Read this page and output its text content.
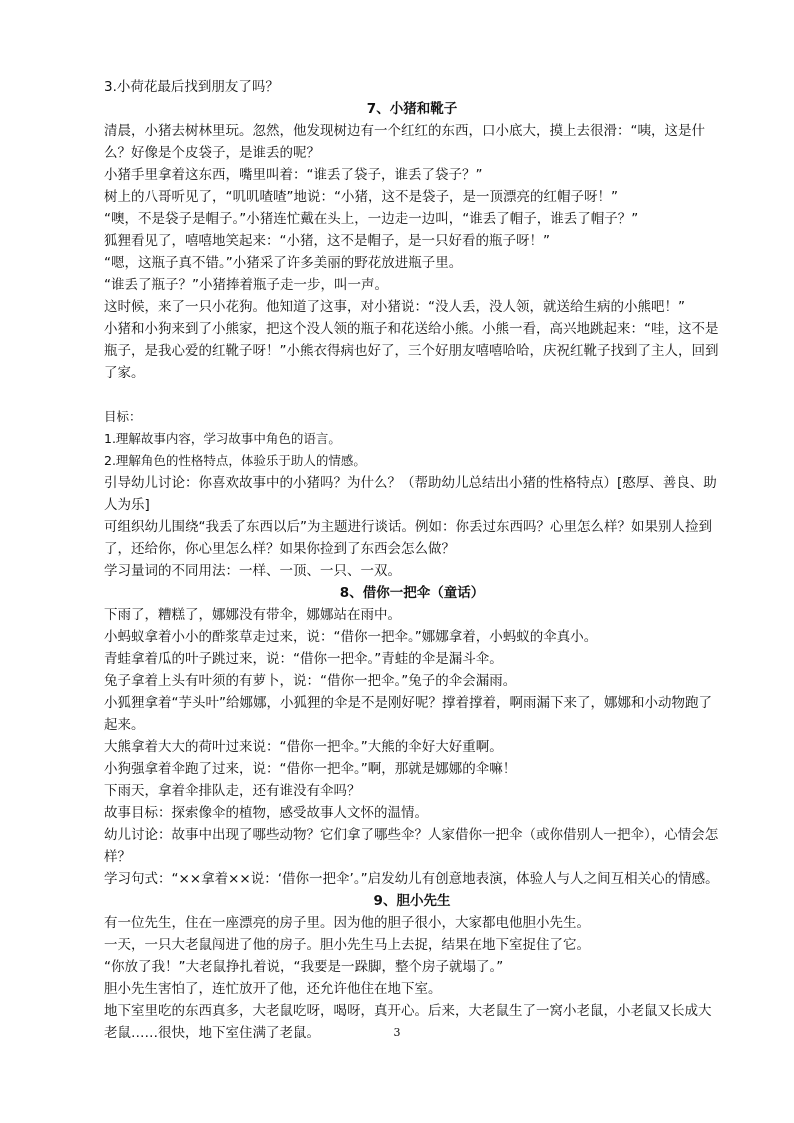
3.小荷花最后找到朋友了吗？

7、小猪和靴子

清晨，小猪去树林里玩。忽然，他发现树边有一个红红的东西，口小底大，摸上去很滑：“咦，这是什么？好像是个皮袋子，是谁丢的呢？

小猪手里拿着这东西，嘴里叫着：“谁丢了袋子，谁丢了袋子？”

树上的八哥听见了，“叽叽喳喳”地说：“小猪，这不是袋子，是一顶漂亮的红帽子呀！”

“噢，不是袋子是帽子。”小猪连忙戴在头上，一边走一边叫，“谁丢了帽子，谁丢了帽子？”

狐狸看见了，嘻嘻地笑起来：“小猪，这不是帽子，是一只好看的瓶子呀！”

“嗯，这瓶子真不错。”小猪采了许多美丽的野花放进瓶子里。

“谁丢了瓶子？”小猪捧着瓶子走一步，叫一声。

这时候，来了一只小花狗。他知道了这事，对小猪说：“没人丢，没人领，就送给生病的小熊吧！”

小猪和小狗来到了小熊家，把这个没人领的瓶子和花送给小熊。小熊一看，高兴地跳起来：“哇，这不是瓶子，是我心爱的红靴子呀！”小熊衣得病也好了，三个好朋友嘻嘻哈哈，庆祝红靴子找到了主人，回到了家。

目标：

1.理解故事内容，学习故事中角色的语言。

2.理解角色的性格特点，体验乐于助人的情感。

引导幼儿讨论：你喜欢故事中的小猪吗？为什么？（帮助幼儿总结出小猪的性格特点）[憨厚、善良、助人为乐]

可组织幼儿围绕“我丢了东西以后”为主题进行谈话。例如：你丢过东西吗？心里怎么样？如果别人捡到了，还给你，你心里怎么样？如果你捡到了东西会怎么做？

学习量词的不同用法：一样、一顶、一只、一双。

8、借你一把伞（童话）

下雨了，糟糕了，娜娜没有带伞，娜娜站在雨中。

小蚂蚁拿着小小的酢浆草走过来，说：“借你一把伞。”娜娜拿着，小蚂蚁的伞真小。

青蛙拿着瓜的叶子跳过来，说：“借你一把伞。”青蛙的伞是漏斗伞。

兔子拿着上头有叶须的有萝卜，说：“借你一把伞。”兔子的伞会漏雨。

小狐狸拿着“芋头叶”给娜娜，小狐狸的伞是不是刚好呢？撑着撑着，啊雨漏下来了，娜娜和小动物跑了起来。

大熊拿着大大的荷叶过来说：“借你一把伞。”大熊的伞好大好重啊。

小狗强拿着伞跑了过来，说：“借你一把伞。”啊，那就是娜娜的伞嘛！

下雨天，拿着伞排队走，还有谁没有伞吗？

故事目标：探索像伞的植物，感受故事人文怀的温情。

幼儿讨论：故事中出现了哪些动物？它们拿了哪些伞？人家借你一把伞（或你借别人一把伞），心情会怎样？

学习句式：“××拿着××说：‘借你一把伞’。”启发幼儿有创意地表演，体验人与人之间互相关心的情感。

9、胆小先生

有一位先生，住在一座漂亮的房子里。因为他的胆子很小，大家都电他胆小先生。

一天，一只大老鼠闯进了他的房子。胆小先生马上去捉，结果在地下室捉住了它。

“你放了我！”大老鼠挣扎着说，“我要是一跺脚，整个房子就塌了。”

胆小先生害怕了，连忙放开了他，还允许他住在地下室。

地下室里吃的东西真多，大老鼠吃呀，喝呀，真开心。后来，大老鼠生了一窝小老鼠，小老鼠又长成大老鼠……很快，地下室住满了老鼠。	3
